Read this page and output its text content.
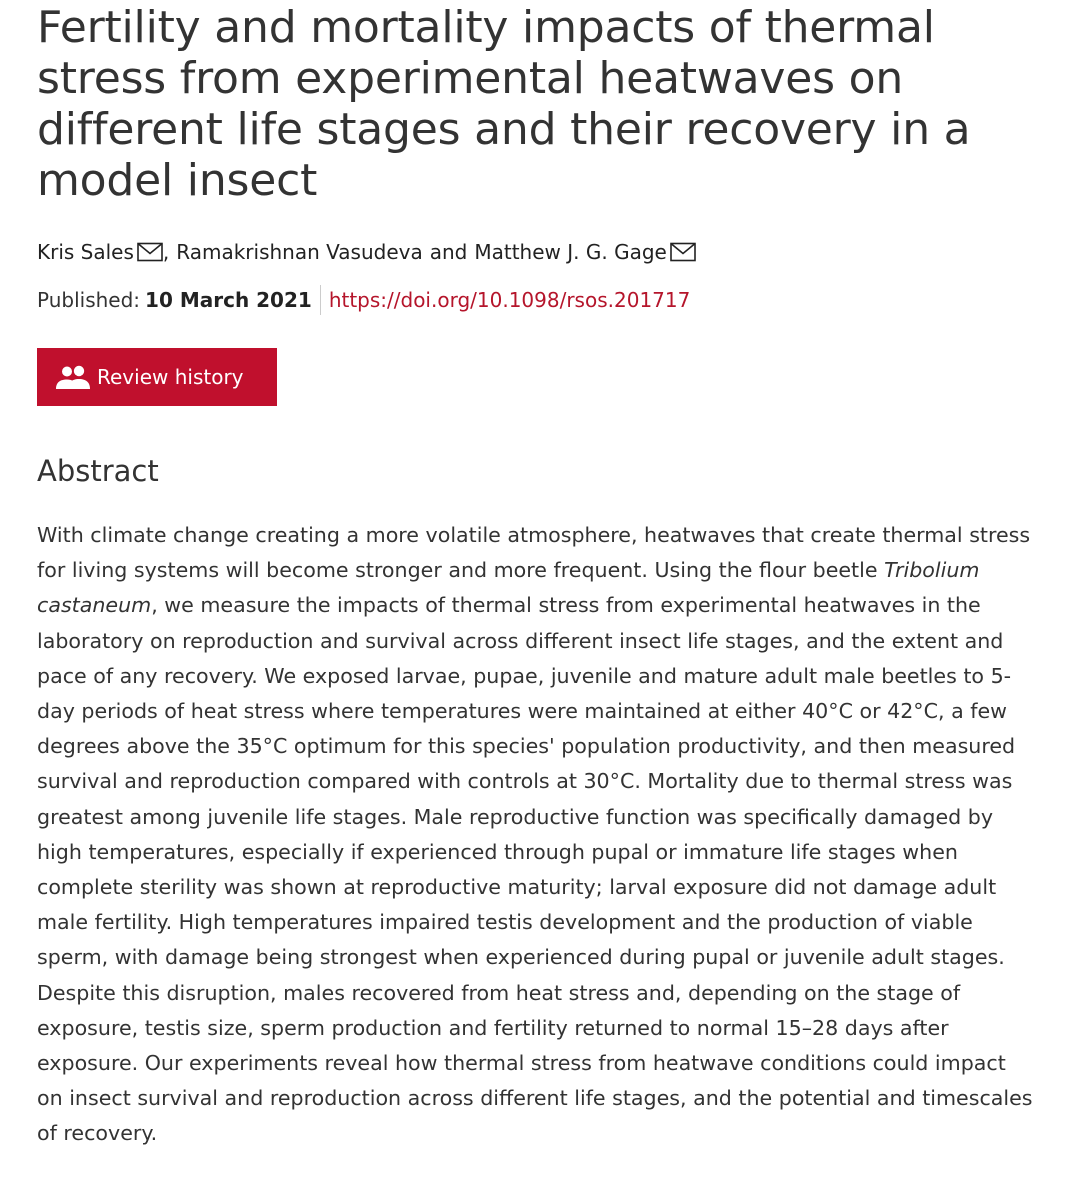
Fertility and mortality impacts of thermal stress from experimental heatwaves on different life stages and their recovery in a model insect
Kris Sales , Ramakrishnan Vasudeva and Matthew J. G. Gage
Published: 10 March 2021 https://doi.org/10.1098/rsos.201717
Review history
Abstract

With climate change creating a more volatile atmosphere, heatwaves that create thermal stress for living systems will become stronger and more frequent. Using the flour beetle Tribolium castaneum, we measure the impacts of thermal stress from experimental heatwaves in the laboratory on reproduction and survival across different insect life stages, and the extent and pace of any recovery. We exposed larvae, pupae, juvenile and mature adult male beetles to 5-day periods of heat stress where temperatures were maintained at either 40°C or 42°C, a few degrees above the 35°C optimum for this species' population productivity, and then measured survival and reproduction compared with controls at 30°C. Mortality due to thermal stress was greatest among juvenile life stages. Male reproductive function was specifically damaged by high temperatures, especially if experienced through pupal or immature life stages when complete sterility was shown at reproductive maturity; larval exposure did not damage adult male fertility. High temperatures impaired testis development and the production of viable sperm, with damage being strongest when experienced during pupal or juvenile adult stages. Despite this disruption, males recovered from heat stress and, depending on the stage of exposure, testis size, sperm production and fertility returned to normal 15–28 days after exposure. Our experiments reveal how thermal stress from heatwave conditions could impact on insect survival and reproduction across different life stages, and the potential and timescales of recovery.
